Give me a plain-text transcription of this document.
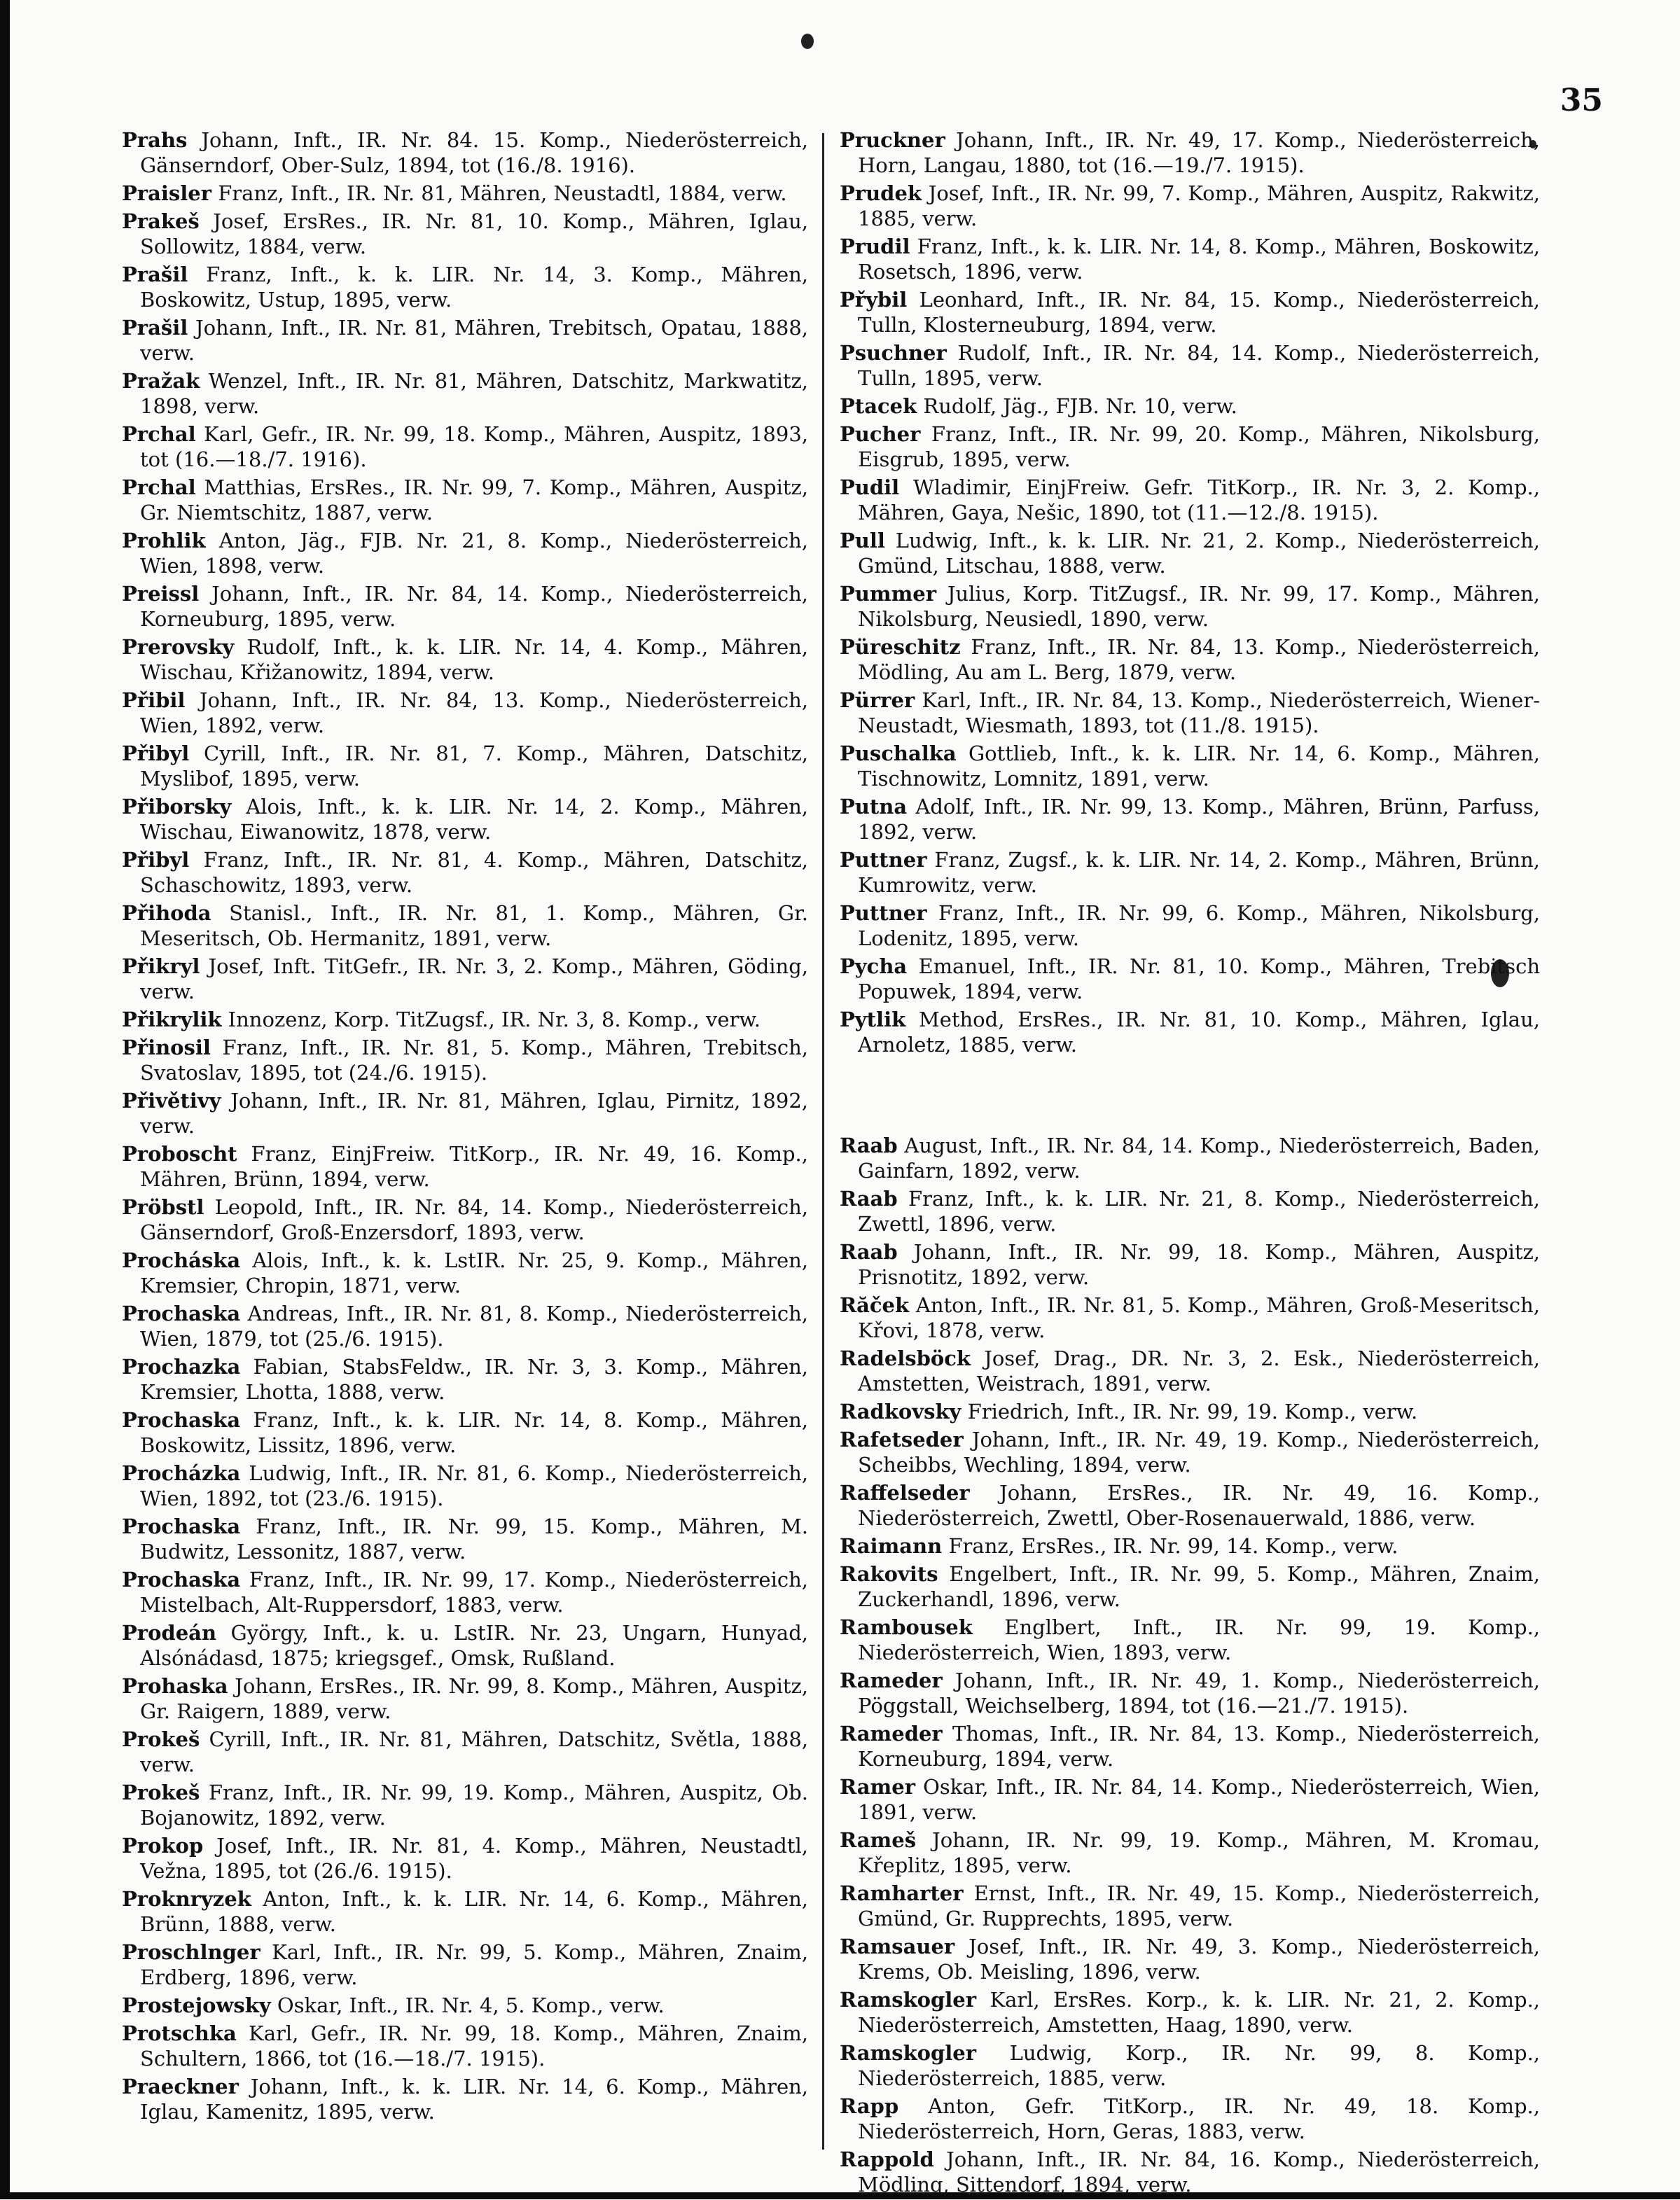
35

Prahs Johann, Inft., IR. Nr. 84. 15. Komp., Niederösterreich, Gänserndorf, Ober-Sulz, 1894, tot (16./8. 1916).

Praisler Franz, Inft., IR. Nr. 81, Mähren, Neustadtl, 1884, verw.

Prakeš Josef, ErsRes., IR. Nr. 81, 10. Komp., Mähren, Iglau, Sollowitz, 1884, verw.

Prašil Franz, Inft., k. k. LIR. Nr. 14, 3. Komp., Mähren, Boskowitz, Ustup, 1895, verw.

Prašil Johann, Inft., IR. Nr. 81, Mähren, Trebitsch, Opatau, 1888, verw.

Pražak Wenzel, Inft., IR. Nr. 81, Mähren, Datschitz, Markwatitz, 1898, verw.

Prchal Karl, Gefr., IR. Nr. 99, 18. Komp., Mähren, Auspitz, 1893, tot (16.—18./7. 1916).

Prchal Matthias, ErsRes., IR. Nr. 99, 7. Komp., Mähren, Auspitz, Gr. Niemtschitz, 1887, verw.

Prohlik Anton, Jäg., FJB. Nr. 21, 8. Komp., Niederösterreich, Wien, 1898, verw.

Preissl Johann, Inft., IR. Nr. 84, 14. Komp., Niederösterreich, Korneuburg, 1895, verw.

Prerovsky Rudolf, Inft., k. k. LIR. Nr. 14, 4. Komp., Mähren, Wischau, Křižanowitz, 1894, verw.

Přibil Johann, Inft., IR. Nr. 84, 13. Komp., Niederösterreich, Wien, 1892, verw.

Přibyl Cyrill, Inft., IR. Nr. 81, 7. Komp., Mähren, Datschitz, Myslibof, 1895, verw.

Přiborsky Alois, Inft., k. k. LIR. Nr. 14, 2. Komp., Mähren, Wischau, Eiwanowitz, 1878, verw.

Přibyl Franz, Inft., IR. Nr. 81, 4. Komp., Mähren, Datschitz, Schaschowitz, 1893, verw.

Přihoda Stanisl., Inft., IR. Nr. 81, 1. Komp., Mähren, Gr. Meseritsch, Ob. Hermanitz, 1891, verw.

Přikryl Josef, Inft. TitGefr., IR. Nr. 3, 2. Komp., Mähren, Göding, verw.

Přikrylik Innozenz, Korp. TitZugsf., IR. Nr. 3, 8. Komp., verw.

Přinosil Franz, Inft., IR. Nr. 81, 5. Komp., Mähren, Trebitsch, Svatoslav, 1895, tot (24./6. 1915).

Přivětivy Johann, Inft., IR. Nr. 81, Mähren, Iglau, Pirnitz, 1892, verw.

Proboscht Franz, EinjFreiw. TitKorp., IR. Nr. 49, 16. Komp., Mähren, Brünn, 1894, verw.

Pröbstl Leopold, Inft., IR. Nr. 84, 14. Komp., Niederösterreich, Gänserndorf, Groß-Enzersdorf, 1893, verw.

Procháska Alois, Inft., k. k. LstIR. Nr. 25, 9. Komp., Mähren, Kremsier, Chropin, 1871, verw.

Prochaska Andreas, Inft., IR. Nr. 81, 8. Komp., Niederösterreich, Wien, 1879, tot (25./6. 1915).

Prochazka Fabian, StabsFeldw., IR. Nr. 3, 3. Komp., Mähren, Kremsier, Lhotta, 1888, verw.

Prochaska Franz, Inft., k. k. LIR. Nr. 14, 8. Komp., Mähren, Boskowitz, Lissitz, 1896, verw.

Procházka Ludwig, Inft., IR. Nr. 81, 6. Komp., Niederösterreich, Wien, 1892, tot (23./6. 1915).

Prochaska Franz, Inft., IR. Nr. 99, 15. Komp., Mähren, M. Budwitz, Lessonitz, 1887, verw.

Prochaska Franz, Inft., IR. Nr. 99, 17. Komp., Niederösterreich, Mistelbach, Alt-Ruppersdorf, 1883, verw.

Prodeán György, Inft., k. u. LstIR. Nr. 23, Ungarn, Hunyad, Alsónádasd, 1875; kriegsgef., Omsk, Rußland.

Prohaska Johann, ErsRes., IR. Nr. 99, 8. Komp., Mähren, Auspitz, Gr. Raigern, 1889, verw.

Prokeš Cyrill, Inft., IR. Nr. 81, Mähren, Datschitz, Světla, 1888, verw.

Prokeš Franz, Inft., IR. Nr. 99, 19. Komp., Mähren, Auspitz, Ob. Bojanowitz, 1892, verw.

Prokop Josef, Inft., IR. Nr. 81, 4. Komp., Mähren, Neustadtl, Vežna, 1895, tot (26./6. 1915).

Proknryzek Anton, Inft., k. k. LIR. Nr. 14, 6. Komp., Mähren, Brünn, 1888, verw.

Proschlnger Karl, Inft., IR. Nr. 99, 5. Komp., Mähren, Znaim, Erdberg, 1896, verw.

Prostejowsky Oskar, Inft., IR. Nr. 4, 5. Komp., verw.

Protschka Karl, Gefr., IR. Nr. 99, 18. Komp., Mähren, Znaim, Schultern, 1866, tot (16.—18./7. 1915).

Praeckner Johann, Inft., k. k. LIR. Nr. 14, 6. Komp., Mähren, Iglau, Kamenitz, 1895, verw.

Pruckner Johann, Inft., IR. Nr. 49, 17. Komp., Niederösterreich, Horn, Langau, 1880, tot (16.—19./7. 1915).

Prudek Josef, Inft., IR. Nr. 99, 7. Komp., Mähren, Auspitz, Rakwitz, 1885, verw.

Prudil Franz, Inft., k. k. LIR. Nr. 14, 8. Komp., Mähren, Boskowitz, Rosetsch, 1896, verw.

Přybil Leonhard, Inft., IR. Nr. 84, 15. Komp., Niederösterreich, Tulln, Klosterneuburg, 1894, verw.

Psuchner Rudolf, Inft., IR. Nr. 84, 14. Komp., Niederösterreich, Tulln, 1895, verw.

Ptacek Rudolf, Jäg., FJB. Nr. 10, verw.

Pucher Franz, Inft., IR. Nr. 99, 20. Komp., Mähren, Nikolsburg, Eisgrub, 1895, verw.

Pudil Wladimir, EinjFreiw. Gefr. TitKorp., IR. Nr. 3, 2. Komp., Mähren, Gaya, Nešic, 1890, tot (11.—12./8. 1915).

Pull Ludwig, Inft., k. k. LIR. Nr. 21, 2. Komp., Niederösterreich, Gmünd, Litschau, 1888, verw.

Pummer Julius, Korp. TitZugsf., IR. Nr. 99, 17. Komp., Mähren, Nikolsburg, Neusiedl, 1890, verw.

Püreschitz Franz, Inft., IR. Nr. 84, 13. Komp., Niederösterreich, Mödling, Au am L. Berg, 1879, verw.

Pürrer Karl, Inft., IR. Nr. 84, 13. Komp., Niederösterreich, Wiener-Neustadt, Wiesmath, 1893, tot (11./8. 1915).

Puschalka Gottlieb, Inft., k. k. LIR. Nr. 14, 6. Komp., Mähren, Tischnowitz, Lomnitz, 1891, verw.

Putna Adolf, Inft., IR. Nr. 99, 13. Komp., Mähren, Brünn, Parfuss, 1892, verw.

Puttner Franz, Zugsf., k. k. LIR. Nr. 14, 2. Komp., Mähren, Brünn, Kumrowitz, verw.

Puttner Franz, Inft., IR. Nr. 99, 6. Komp., Mähren, Nikolsburg, Lodenitz, 1895, verw.

Pycha Emanuel, Inft., IR. Nr. 81, 10. Komp., Mähren, Trebitsch Popuwek, 1894, verw.

Pytlik Method, ErsRes., IR. Nr. 81, 10. Komp., Mähren, Iglau, Arnoletz, 1885, verw.

Raab August, Inft., IR. Nr. 84, 14. Komp., Niederösterreich, Baden, Gainfarn, 1892, verw.

Raab Franz, Inft., k. k. LIR. Nr. 21, 8. Komp., Niederösterreich, Zwettl, 1896, verw.

Raab Johann, Inft., IR. Nr. 99, 18. Komp., Mähren, Auspitz, Prisnotitz, 1892, verw.

Răček Anton, Inft., IR. Nr. 81, 5. Komp., Mähren, Groß-Meseritsch, Křovi, 1878, verw.

Radelsböck Josef, Drag., DR. Nr. 3, 2. Esk., Niederösterreich, Amstetten, Weistrach, 1891, verw.

Radkovsky Friedrich, Inft., IR. Nr. 99, 19. Komp., verw.

Rafetseder Johann, Inft., IR. Nr. 49, 19. Komp., Niederösterreich, Scheibbs, Wechling, 1894, verw.

Raffelseder Johann, ErsRes., IR. Nr. 49, 16. Komp., Niederösterreich, Zwettl, Ober-Rosenauerwald, 1886, verw.

Raimann Franz, ErsRes., IR. Nr. 99, 14. Komp., verw.

Rakovits Engelbert, Inft., IR. Nr. 99, 5. Komp., Mähren, Znaim, Zuckerhandl, 1896, verw.

Rambousek Englbert, Inft., IR. Nr. 99, 19. Komp., Niederösterreich, Wien, 1893, verw.

Rameder Johann, Inft., IR. Nr. 49, 1. Komp., Niederösterreich, Pöggstall, Weichselberg, 1894, tot (16.—21./7. 1915).

Rameder Thomas, Inft., IR. Nr. 84, 13. Komp., Niederösterreich, Korneuburg, 1894, verw.

Ramer Oskar, Inft., IR. Nr. 84, 14. Komp., Niederösterreich, Wien, 1891, verw.

Rameš Johann, IR. Nr. 99, 19. Komp., Mähren, M. Kromau, Křeplitz, 1895, verw.

Ramharter Ernst, Inft., IR. Nr. 49, 15. Komp., Niederösterreich, Gmünd, Gr. Rupprechts, 1895, verw.

Ramsauer Josef, Inft., IR. Nr. 49, 3. Komp., Niederösterreich, Krems, Ob. Meisling, 1896, verw.

Ramskogler Karl, ErsRes. Korp., k. k. LIR. Nr. 21, 2. Komp., Niederösterreich, Amstetten, Haag, 1890, verw.

Ramskogler Ludwig, Korp., IR. Nr. 99, 8. Komp., Niederösterreich, 1885, verw.

Rapp Anton, Gefr. TitKorp., IR. Nr. 49, 18. Komp., Niederösterreich, Horn, Geras, 1883, verw.

Rappold Johann, Inft., IR. Nr. 84, 16. Komp., Niederösterreich, Mödling, Sittendorf, 1894, verw.
